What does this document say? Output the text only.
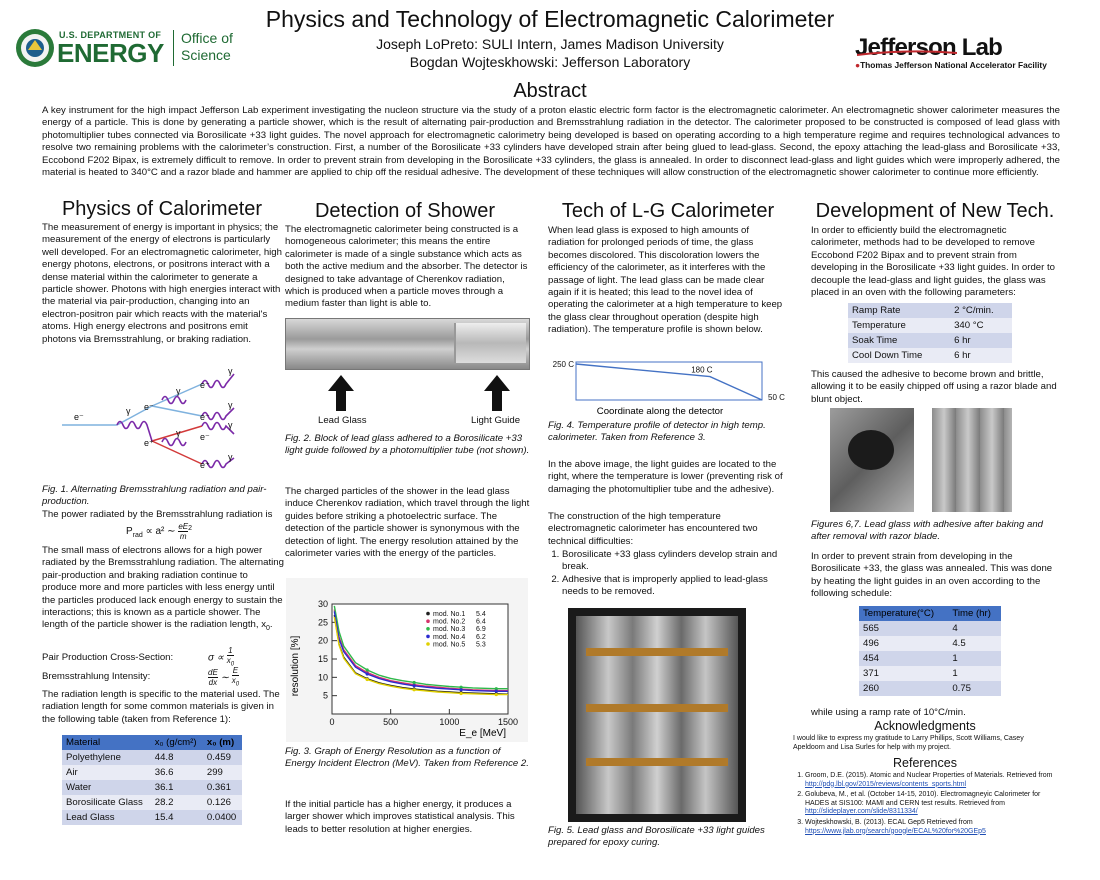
U.S. DEPARTMENT OF
ENERGY Office of
Science
Physics and Technology of Electromagnetic Calorimeter
Joseph LoPreto: SULI Intern, James Madison University
Bogdan Wojteskhowski: Jefferson Laboratory
Jefferson Lab
●Thomas Jefferson National Accelerator Facility
Abstract
A key instrument for the high impact Jefferson Lab experiment investigating the nucleon structure via the study of a proton elastic electric form factor is the electromagnetic calorimeter. An electromagnetic shower calorimeter measures the energy of a particle. This is done by generating a particle shower, which is the result of alternating pair-production and Bremsstrahlung radiation in the detector. The calorimeter proposed to be constructed is composed of lead glass with photomultiplier tubes connected via Borosilicate +33 light guides. The novel approach for electromagnetic calorimetry being developed is based on operating according to a high temperature regime and requires technological advances to resolve two remaining problems with the calorimeter’s construction. First, a number of the Borosilicate +33 cylinders have developed strain after being glued to lead-glass. Second, the epoxy attaching the lead-glass and Borosilicate +33, Eccobond F202 Bipax, is extremely difficult to remove. In order to prevent strain from developing in the Borosilicate +33 cylinders, the glass is annealed. In order to disconnect lead-glass and light guides which were improperly adhered, the material is heated to 340°C and a razor blade and hammer are applied to chip off the residual adhesive. The development of these techniques will allow construction of the electromagnetic shower calorimeter to continue more efficiently.
Physics of Calorimeter
The measurement of energy is important in physics; the measurement of the energy of electrons is particularly well developed. For an electromagnetic calorimeter, high energy photons, electrons, or positrons interact with a dense material within the calorimeter to generate a particle shower. Photons with high energies interact with the material via pair-production, changing into an electron-positron pair which reacts with the material's atoms. High energy electrons and positrons emit photons via Bremsstrahlung, or braking radiation.
e⁻
γ e⁻
e⁺
γ
γ
e⁻
e⁻
e⁻
e⁺
γ
γ
γ
γ
Fig. 1. Alternating Bremsstrahlung radiation and pair-production.
The power radiated by the Bremsstrahlung radiation is
$P_{rad} \propto a^2$ ∼ $\frac{eE}{m} ^2$
The small mass of electrons allows for a high power radiated by the Bremsstrahlung radiation. The alternating pair-production and braking radiation continue to produce more and more particles with less energy until the particles produced lack enough energy to sustain the interactions; this is known as a particle shower. The length of the particle shower is the radiation length, $x_0$.
Pair Production Cross-Section:	$\sigma \propto \frac{1}{x_0}$
Bremsstrahlung Intensity:	$\frac{dE}{dx}$ ∼ $\frac{E}{x_0}$
The radiation length is specific to the material used. The radiation length for some common materials is given in the following table (taken from Reference 1):
Material	x₀ (g/cm²)	x₀ (m)
Polyethylene	44.8	0.459
Air	36.6	299
Water	36.1	0.361
Borosilicate Glass	28.2	0.126
Lead Glass	15.4	0.0400
Detection of Shower
The electromagnetic calorimeter being constructed is a homogeneous calorimeter; this means the entire calorimeter is made of a single substance which acts as both the active medium and the absorber. The detector is designed to take advantage of Cherenkov radiation, which is produced when a particle moves through a medium faster than light is able to.
Lead Glass	Light Guide
Fig. 2. Block of lead glass adhered to a Borosilicate +33 light guide followed by a photomultiplier tube (not shown).
The charged particles of the shower in the lead glass induce Cherenkov radiation, which travel through the light guides before striking a photoelectric surface. The detection of the particle shower is synonymous with the detection of light. The energy resolution attained by the calorimeter varies with the energy of the particles.
5
10
15
20
25
30
0	500	1000	1500
resolution [%]
E_e [MeV]
mod. No.1 5.4
mod. No.2 6.4
mod. No.3 6.9
mod. No.4 6.2
mod. No.5 5.3
Fig. 3. Graph of Energy Resolution as a function of Energy Incident Electron (MeV). Taken from Reference 2.
If the initial particle has a higher energy, it produces a larger shower which improves statistical analysis. This leads to better resolution at higher energies.
Tech of L-G Calorimeter
When lead glass is exposed to high amounts of radiation for prolonged periods of time, the glass becomes discolored. This discoloration lowers the efficiency of the calorimeter, as it interferes with the passage of light. The lead glass can be made clear again if it is heated; this lead to the novel idea of operating the calorimeter at a high temperature to keep the glass clear throughout operation (despite high radiation). The temperature profile is shown below.
250 C
180 C
50 C
Coordinate along the detector
Fig. 4. Temperature profile of detector in high temp. calorimeter. Taken from Reference 3.
In the above image, the light guides are located to the right, where the temperature is lower (preventing risk of damaging the photomultiplier tube and the adhesive).
The construction of the high temperature electromagnetic calorimeter has encountered two technical difficulties:
1. Borosilicate +33 glass cylinders develop strain and break.
2. Adhesive that is improperly applied to lead-glass needs to be removed.
Fig. 5. Lead glass and Borosilicate +33 light guides prepared for epoxy curing.
Development of New Tech.
In order to efficiently build the electromagnetic calorimeter, methods had to be developed to remove Eccobond F202 Bipax and to prevent strain from developing in the Borosilicate +33 light guides. In order to decouple the lead-glass and light guides, the glass was placed in an oven with the following parameters:
Ramp Rate	2 °C/min.
Temperature	340 °C
Soak Time	6 hr
Cool Down Time	6 hr
This caused the adhesive to become brown and brittle, allowing it to be easily chipped off using a razor blade and blunt object.
Figures 6,7. Lead glass with adhesive after baking and after removal with razor blade.
In order to prevent strain from developing in the Borosilicate +33, the glass was annealed. This was done by heating the light guides in an oven according to the following schedule:
Temperature(°C)	Time (hr)
565	4
496	4.5
454	1
371	1
260	0.75
while using a ramp rate of 10°C/min.
Acknowledgments
I would like to express my gratitude to Larry Phillips, Scott Williams, Casey Apeldoorn and Lisa Surles for help with my project.
References
1. Groom, D.E. (2015). Atomic and Nuclear Properties of Materials. Retrieved from http://pdg.lbl.gov/2015/reviews/contents_sports.html
2. Golubeva, M., et al. (October 14-15, 2010). Electromagneyic Calorimeter for HADES at SIS100: MAMI and CERN test results. Retrieved from http://slideplayer.com/slide/8311334/
3. Wojteskhowski, B. (2013). ECAL Gep5 Retrieved from https://www.jlab.org/search/google/ECAL%20for%20GEp5
